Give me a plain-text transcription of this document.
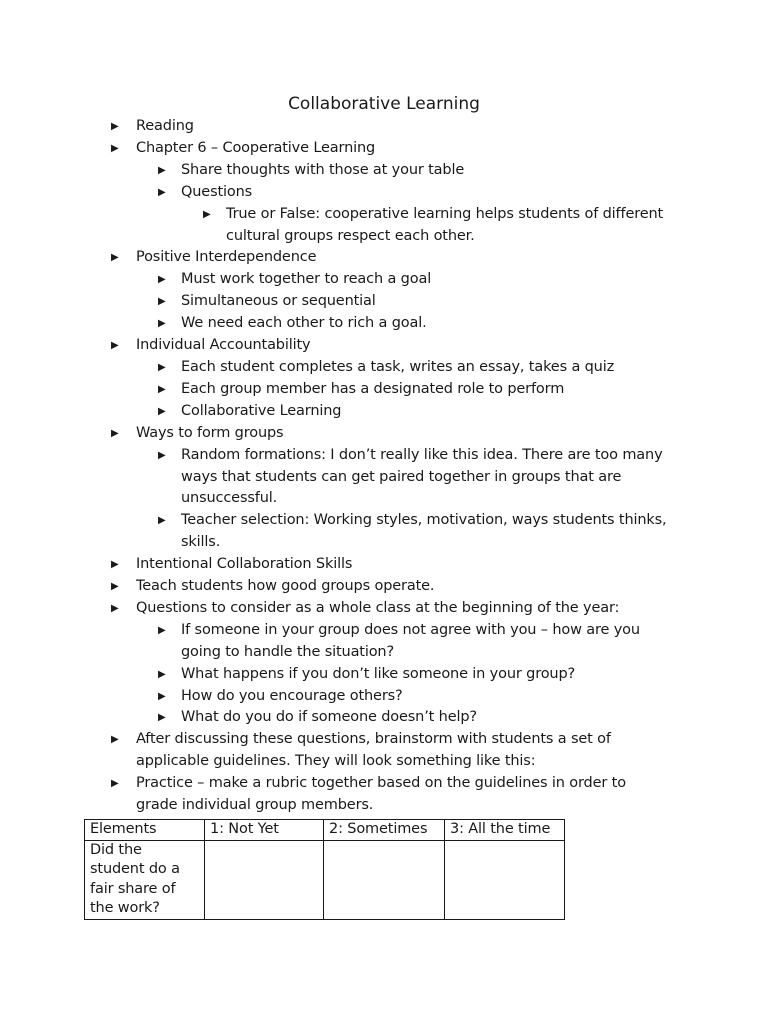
Collaborative Learning
▶ Reading
▶ Chapter 6 – Cooperative Learning
▶ Share thoughts with those at your table
▶ Questions
▶ True or False: cooperative learning helps students of different cultural groups respect each other.
▶ Positive Interdependence
▶ Must work together to reach a goal
▶ Simultaneous or sequential
▶ We need each other to rich a goal.
▶ Individual Accountability
▶ Each student completes a task, writes an essay, takes a quiz
▶ Each group member has a designated role to perform
▶ Collaborative Learning
▶ Ways to form groups
▶ Random formations: I don’t really like this idea. There are too many ways that students can get paired together in groups that are unsuccessful.
▶ Teacher selection: Working styles, motivation, ways students thinks, skills.
▶ Intentional Collaboration Skills
▶ Teach students how good groups operate.
▶ Questions to consider as a whole class at the beginning of the year:
▶ If someone in your group does not agree with you – how are you going to handle the situation?
▶ What happens if you don’t like someone in your group?
▶ How do you encourage others?
▶ What do you do if someone doesn’t help?
▶ After discussing these questions, brainstorm with students a set of applicable guidelines. They will look something like this:
▶ Practice – make a rubric together based on the guidelines in order to grade individual group members.
Elements	1: Not Yet	2: Sometimes	3: All the time
Did the student do a fair share of the work?			
